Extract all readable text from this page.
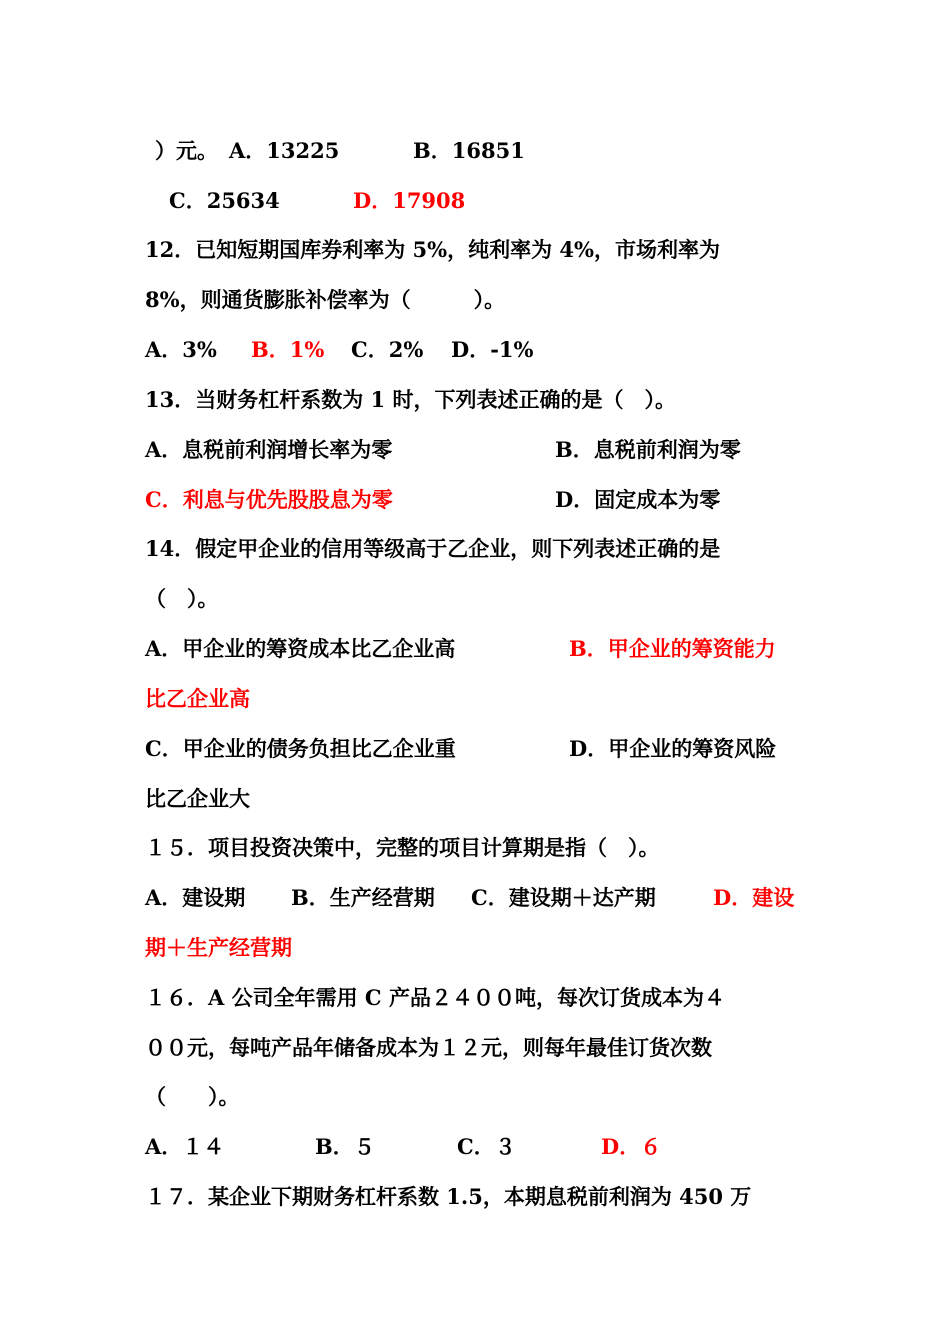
）元。 A．13225	B．16851
C．25634	D．17908
12．已知短期国库券利率为 5%，纯利率为 4%，市场利率为
8%，则通货膨胀补偿率为（　　　）。
A．3% B．1% C．2% D．-1%
13．当财务杠杆系数为 1 时，下列表述正确的是（　）。
A．息税前利润增长率为零	B．息税前利润为零
C．利息与优先股股息为零	D．固定成本为零
14．假定甲企业的信用等级高于乙企业，则下列表述正确的是
（　）。
A．甲企业的筹资成本比乙企业高	B．甲企业的筹资能力
比乙企业高
C．甲企业的债务负担比乙企业重	D．甲企业的筹资风险
比乙企业大
１５．项目投资决策中，完整的项目计算期是指（　）。
A．建设期 B．生产经营期 C．建设期＋达产期	D．建设
期＋生产经营期
１６．A 公司全年需用 C 产品２４００吨，每次订货成本为４
００元，每吨产品年储备成本为１２元，则每年最佳订货次数
（　　）。
A．１４	B．５	C．３	D．６
１７．某企业下期财务杠杆系数 1.5，本期息税前利润为 450 万
